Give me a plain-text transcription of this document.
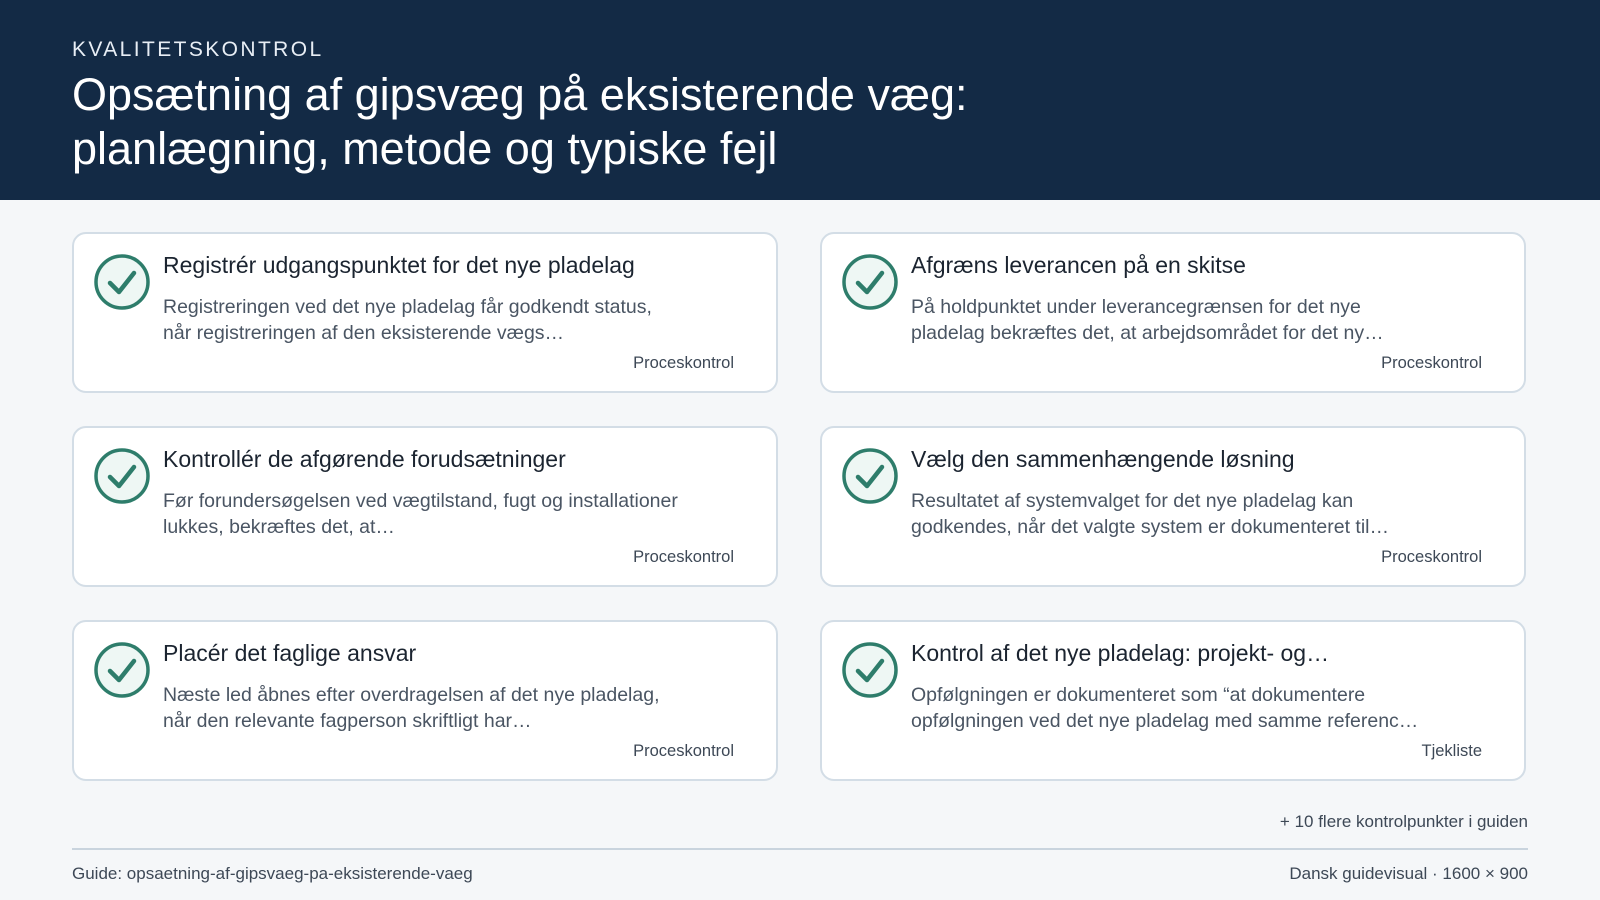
KVALITETSKONTROL
Opsætning af gipsvæg på eksisterende væg: planlægning, metode og typiske fejl
Registrér udgangspunktet for det nye pladelag
Registreringen ved det nye pladelag får godkendt status, når registreringen af den eksisterende vægs…
Proceskontrol
Afgræns leverancen på en skitse
På holdpunktet under leverancegrænsen for det nye pladelag bekræftes det, at arbejdsområdet for det ny…
Proceskontrol
Kontrollér de afgørende forudsætninger
Før forundersøgelsen ved vægtilstand, fugt og installationer lukkes, bekræftes det, at…
Proceskontrol
Vælg den sammenhængende løsning
Resultatet af systemvalget for det nye pladelag kan godkendes, når det valgte system er dokumenteret til…
Proceskontrol
Placér det faglige ansvar
Næste led åbnes efter overdragelsen af det nye pladelag, når den relevante fagperson skriftligt har…
Proceskontrol
Kontrol af det nye pladelag: projekt- og…
Opfølgningen er dokumenteret som “at dokumentere opfølgningen ved det nye pladelag med samme referenc…
Tjekliste
+ 10 flere kontrolpunkter i guiden
Guide: opsaetning-af-gipsvaeg-pa-eksisterende-vaeg	Dansk guidevisual · 1600 × 900
